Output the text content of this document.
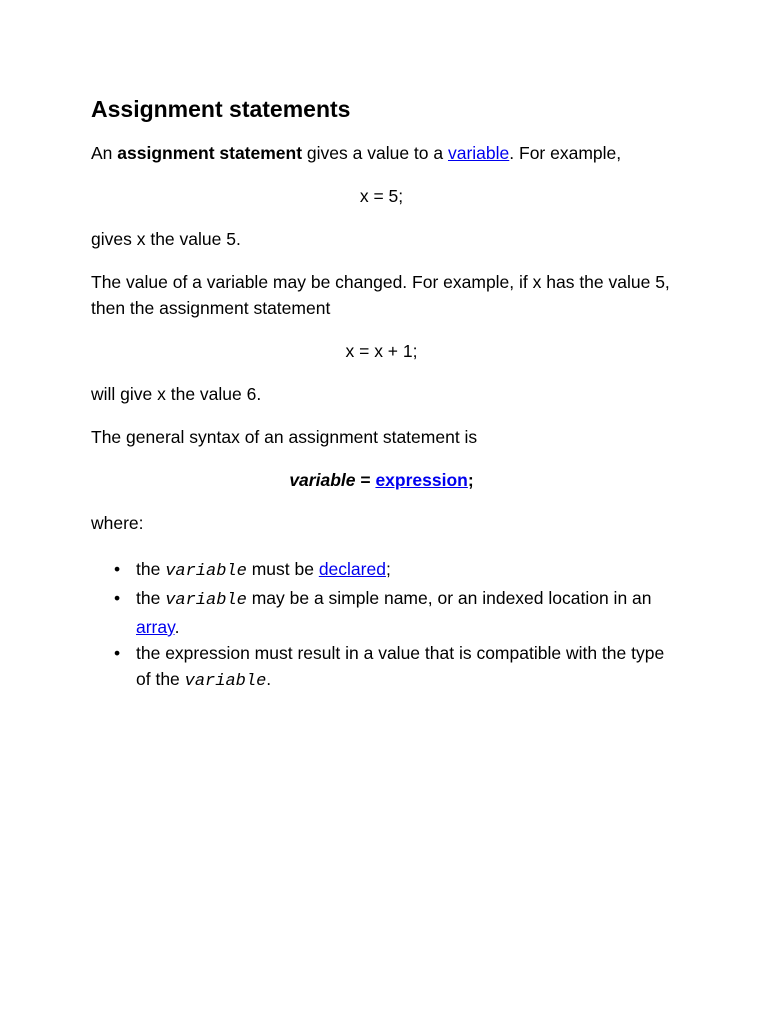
Assignment statements

An assignment statement gives a value to a variable. For example,

x = 5;

gives x the value 5.

The value of a variable may be changed. For example, if x has the value 5, then the assignment statement

x = x + 1;

will give x the value 6.

The general syntax of an assignment statement is

variable = expression;

where:

• the variable must be declared;
• the variable may be a simple name, or an indexed location in an array.
• the expression must result in a value that is compatible with the type of the variable.
